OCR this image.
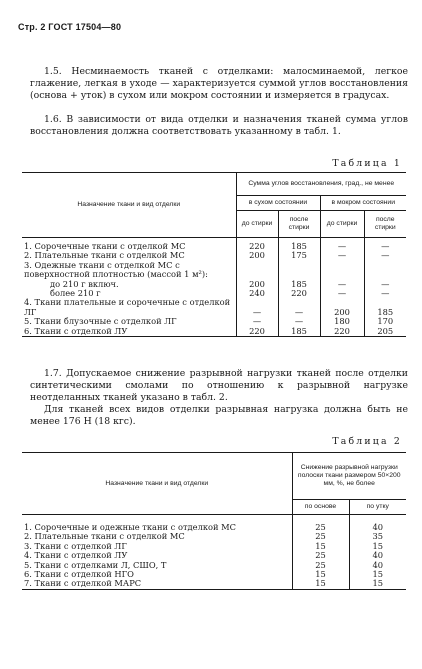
Стр. 2 ГОСТ 17504—80

1.5. Несминаемость тканей с отделками: малосминаемой, легкое глажение, легкая в уходе — характеризуется суммой углов восстановления (основа + уток) в сухом или мокром состоянии и измеряется в градусах.

1.6. В зависимости от вида отделки и назначения тканей сумма углов восстановления должна соответствовать указанному в табл. 1.

Таблица 1
Назначение ткани и вид отделки	Сумма углов восстановления, град., не менее			
	в сухом состоянии		в мокром состоянии	
	до стирки	после стирки	до стирки	после стирки

1. Сорочечные ткани с отделкой МС	220	185	—	—
2. Плательные ткани с отделкой МС	200	175	—	—
3. Одежные ткани с отделкой МС с поверхностной плотностью (массой 1 м²):				
до 210 г включ.	200	185	—	—
более 210 г	240	220	—	—
4. Ткани плательные и сорочечные с отделкой ЛГ	—	—	200	185
5. Ткани блузочные с отделкой ЛГ	—	—	180	170
6. Ткани с отделкой ЛУ	220	185	220	205

1.7. Допускаемое снижение разрывной нагрузки тканей после отделки синтетическими смолами по отношению к разрывной нагрузке неотделанных тканей указано в табл. 2.

Для тканей всех видов отделки разрывная нагрузка должна быть не менее 176 Н (18 кгс).

Таблица 2
Назначение ткани и вид отделки	Снижение разрывной нагрузки полоски ткани размером 50×200 мм, %, не более	
	по основе	по утку

1. Сорочечные и одежные ткани с отделкой МС	25	40
2. Плательные ткани с отделкой МС	25	35
3. Ткани с отделкой ЛГ	15	15
4. Ткани с отделкой ЛУ	25	40
5. Ткани с отделками Л, СШО, Т	25	40
6. Ткани с отделкой НГО	15	15
7. Ткани с отделкой МАРС	15	15
